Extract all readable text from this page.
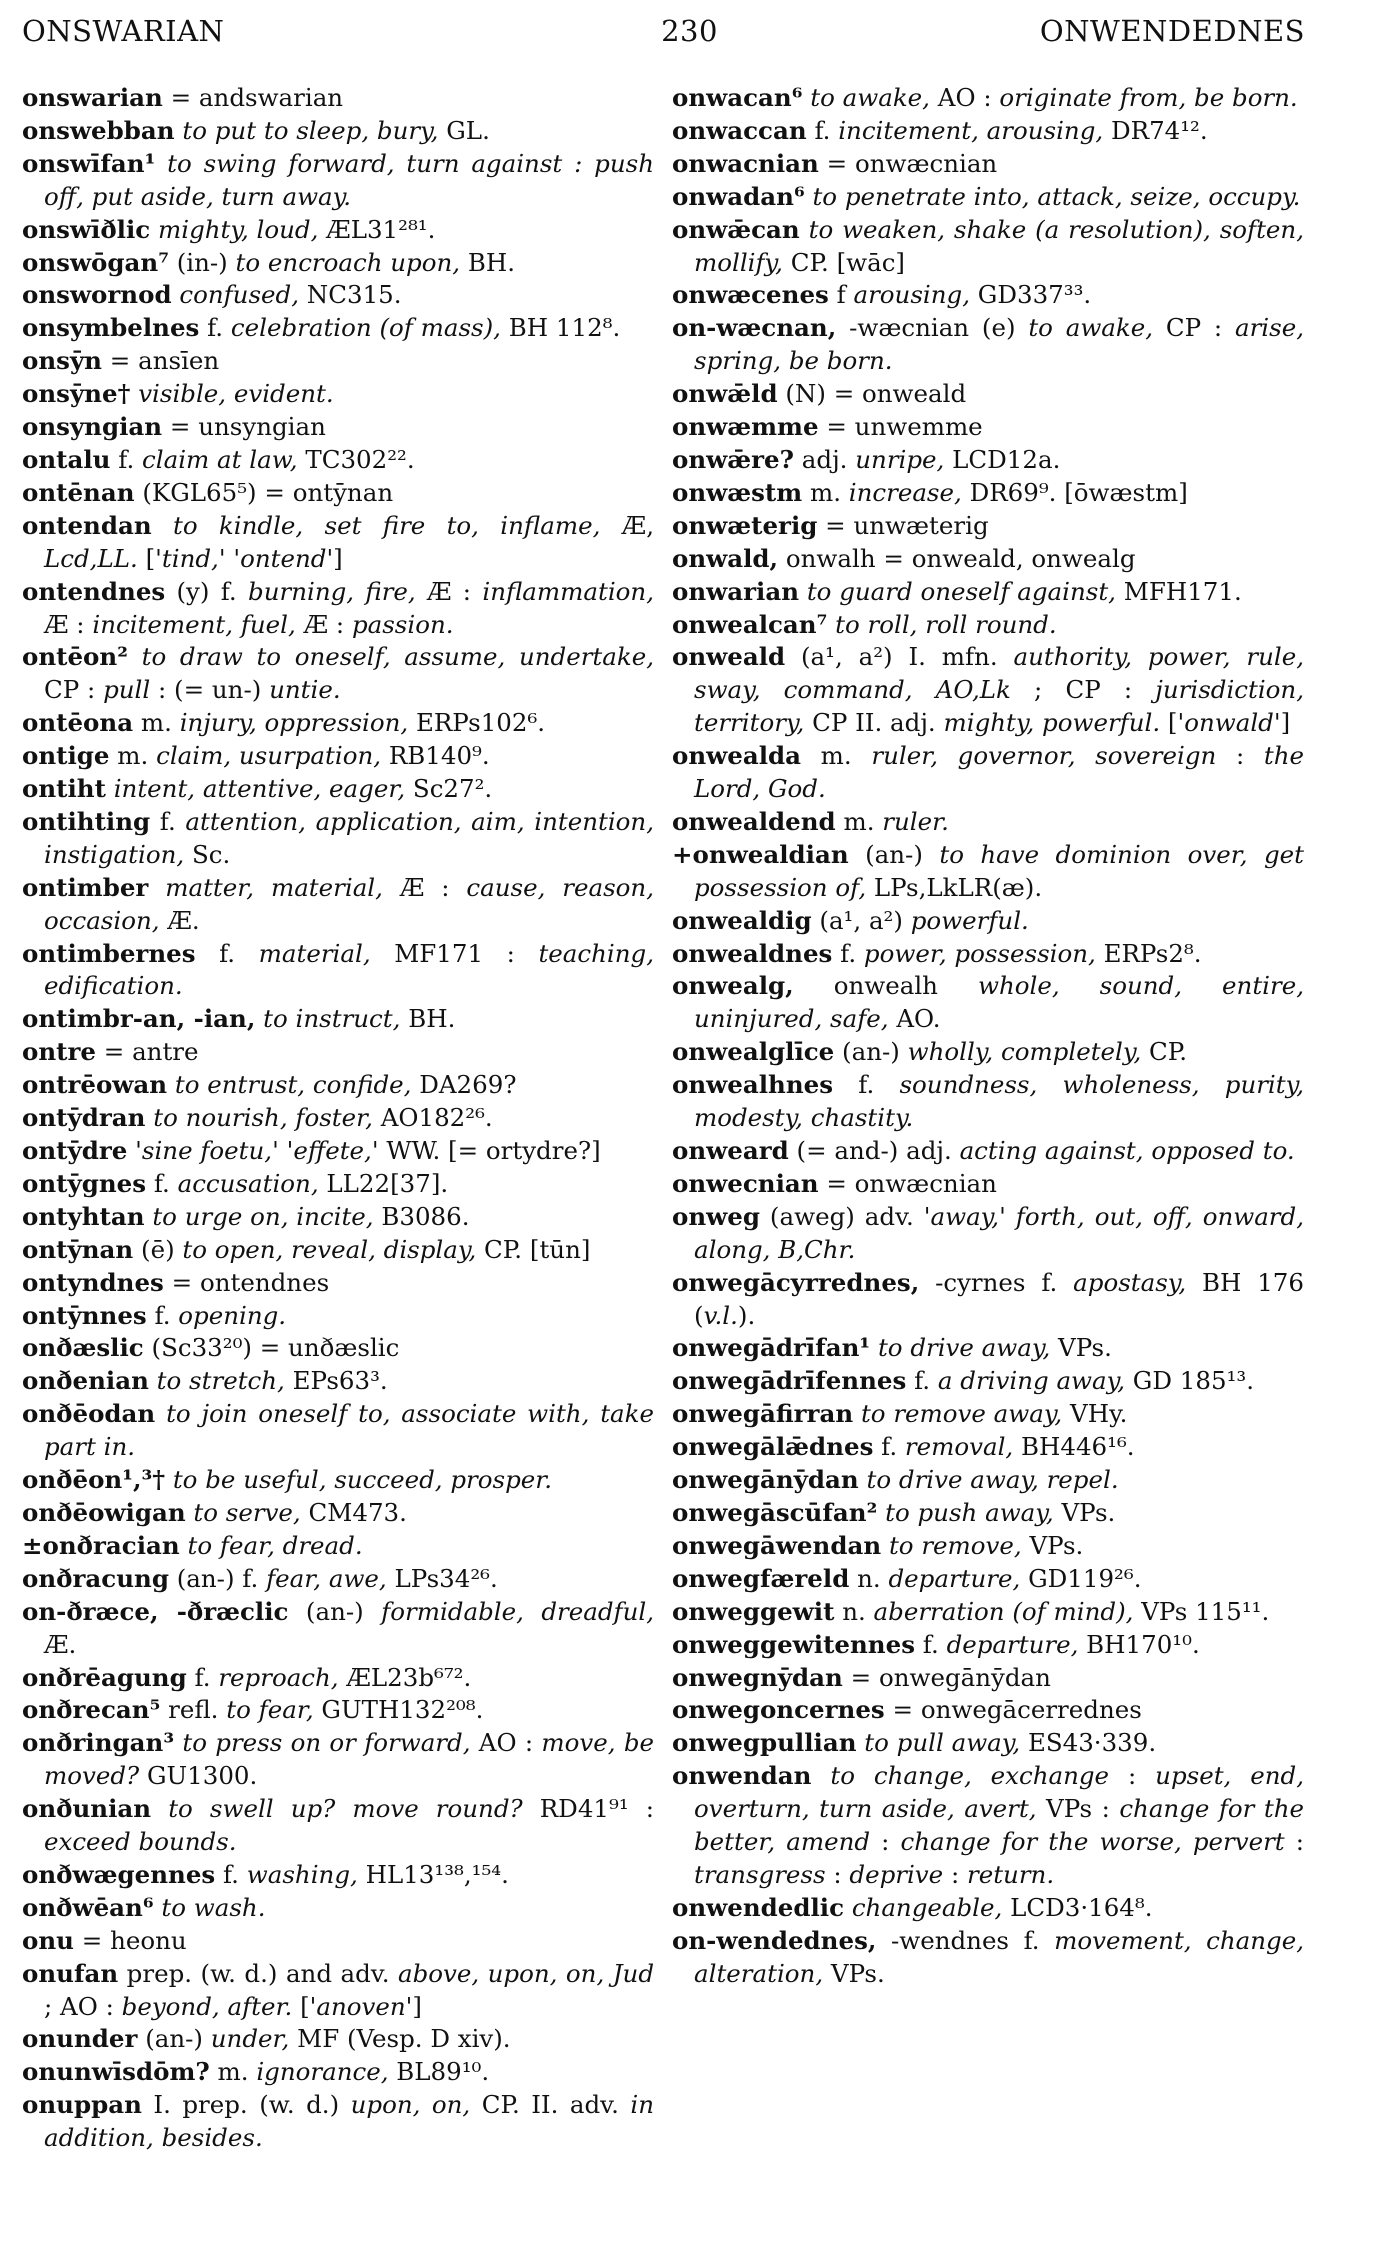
ONSWARIAN	230	ONWENDEDNES
onswarian = andswarian
onswebban to put to sleep, bury, GL.
onswīfan¹ to swing forward, turn against : push off, put aside, turn away.
onswīðlic mighty, loud, ÆL31²⁸¹.
onswōgan⁷ (in-) to encroach upon, BH.
onswornod confused, NC315.
onsymbelnes f. celebration (of mass), BH 112⁸.
onsȳn = ansīen
onsȳne† visible, evident.
onsyngian = unsyngian
ontalu f. claim at law, TC302²².
ontēnan (KGL65⁵) = ontȳnan
ontendan to kindle, set fire to, inflame, Æ, Lcd,LL. ['tind,' 'ontend']
ontendnes (y) f. burning, fire, Æ : inflammation, Æ : incitement, fuel, Æ : passion.
ontēon² to draw to oneself, assume, undertake, CP : pull : (= un-) untie.
ontēona m. injury, oppression, ERPs102⁶.
ontige m. claim, usurpation, RB140⁹.
ontiht intent, attentive, eager, Sc27².
ontihting f. attention, application, aim, intention, instigation, Sc.
ontimber matter, material, Æ : cause, reason, occasion, Æ.
ontimbernes f. material, MF171 : teaching, edification.
ontimbr-an, -ian, to instruct, BH.
ontre = antre
ontrēowan to entrust, confide, DA269?
ontȳdran to nourish, foster, AO182²⁶.
ontȳdre 'sine foetu,' 'effete,' WW. [= ortydre?]
ontȳgnes f. accusation, LL22[37].
ontyhtan to urge on, incite, B3086.
ontȳnan (ē) to open, reveal, display, CP. [tūn]
ontyndnes = ontendnes
ontȳnnes f. opening.
onðæslic (Sc33²⁰) = unðæslic
onðenian to stretch, EPs63³.
onðēodan to join oneself to, associate with, take part in.
onðēon¹,³† to be useful, succeed, prosper.
onðēowigan to serve, CM473.
±onðracian to fear, dread.
onðracung (an-) f. fear, awe, LPs34²⁶.
on-ðræce, -ðræclic (an-) formidable, dreadful, Æ.
onðrēagung f. reproach, ÆL23b⁶⁷².
onðrecan⁵ refl. to fear, GUTH132²⁰⁸.
onðringan³ to press on or forward, AO : move, be moved? GU1300.
onðunian to swell up? move round? RD41⁹¹ : exceed bounds.
onðwægennes f. washing, HL13¹³⁸,¹⁵⁴.
onðwēan⁶ to wash.
onu = heonu
onufan prep. (w. d.) and adv. above, upon, on, Jud ; AO : beyond, after. ['anoven']
onunder (an-) under, MF (Vesp. D xiv).
onunwīsdōm? m. ignorance, BL89¹⁰.
onuppan I. prep. (w. d.) upon, on, CP. II. adv. in addition, besides.
onwacan⁶ to awake, AO : originate from, be born.
onwaccan f. incitement, arousing, DR74¹².
onwacnian = onwæcnian
onwadan⁶ to penetrate into, attack, seize, occupy.
onwǣcan to weaken, shake (a resolution), soften, mollify, CP. [wāc]
onwæcenes f arousing, GD337³³.
on-wæcnan, -wæcnian (e) to awake, CP : arise, spring, be born.
onwǣld (N) = onweald
onwæmme = unwemme
onwǣre? adj. unripe, LCD12a.
onwæstm m. increase, DR69⁹. [ōwæstm]
onwæterig = unwæterig
onwald, onwalh = onweald, onwealg
onwarian to guard oneself against, MFH171.
onwealcan⁷ to roll, roll round.
onweald (a¹, a²) I. mfn. authority, power, rule, sway, command, AO,Lk ; CP : jurisdiction, territory, CP II. adj. mighty, powerful. ['onwald']
onwealda m. ruler, governor, sovereign : the Lord, God.
onwealdend m. ruler.
+onwealdian (an-) to have dominion over, get possession of, LPs,LkLR(æ).
onwealdig (a¹, a²) powerful.
onwealdnes f. power, possession, ERPs2⁸.
onwealg, onwealh whole, sound, entire, uninjured, safe, AO.
onwealglīce (an-) wholly, completely, CP.
onwealhnes f. soundness, wholeness, purity, modesty, chastity.
onweard (= and-) adj. acting against, opposed to.
onwecnian = onwæcnian
onweg (aweg) adv. 'away,' forth, out, off, onward, along, B,Chr.
onwegācyrrednes, -cyrnes f. apostasy, BH 176 (v.l.).
onwegādrīfan¹ to drive away, VPs.
onwegādrīfennes f. a driving away, GD 185¹³.
onwegāfirran to remove away, VHy.
onwegālǣdnes f. removal, BH446¹⁶.
onwegānȳdan to drive away, repel.
onwegāscūfan² to push away, VPs.
onwegāwendan to remove, VPs.
onwegfæreld n. departure, GD119²⁶.
onweggewit n. aberration (of mind), VPs 115¹¹.
onweggewitennes f. departure, BH170¹⁰.
onwegnȳdan = onwegānȳdan
onwegoncernes = onwegācerrednes
onwegpullian to pull away, ES43·339.
onwendan to change, exchange : upset, end, overturn, turn aside, avert, VPs : change for the better, amend : change for the worse, pervert : transgress : deprive : return.
onwendedlic changeable, LCD3·164⁸.
on-wendednes, -wendnes f. movement, change, alteration, VPs.
